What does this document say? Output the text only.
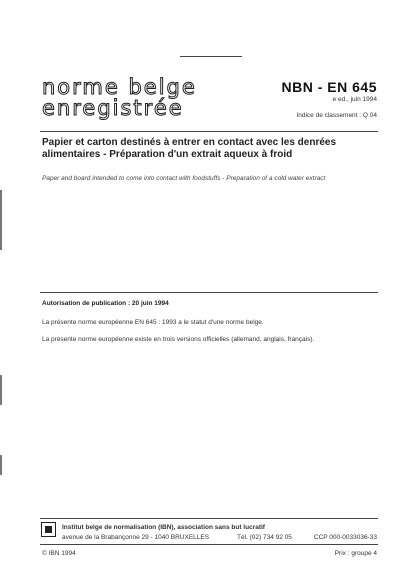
norme belge
enregistrée
NBN - EN 645
e ed., juin 1994
Indice de classement : Q 04
Papier et carton destinés à entrer en contact avec les denrées alimentaires - Préparation d'un extrait aqueux à froid
Paper and board intended to come into contact with foodstuffs - Preparation of a cold water extract
Autorisation de publication : 20 juin 1994
La présente norme européenne EN 645 : 1993 a le statut d'une norme belge.
La présente norme européenne existe en trois versions officielles (allemand, anglais, français).
Institut belge de normalisation (IBN), association sans but lucratif
avenue de la Brabançonne 29 - 1040 BRUXELLES	Tél. (02) 734 92 05	CCP 000-0033036-33
© IBN 1994	Prix : groupe 4
